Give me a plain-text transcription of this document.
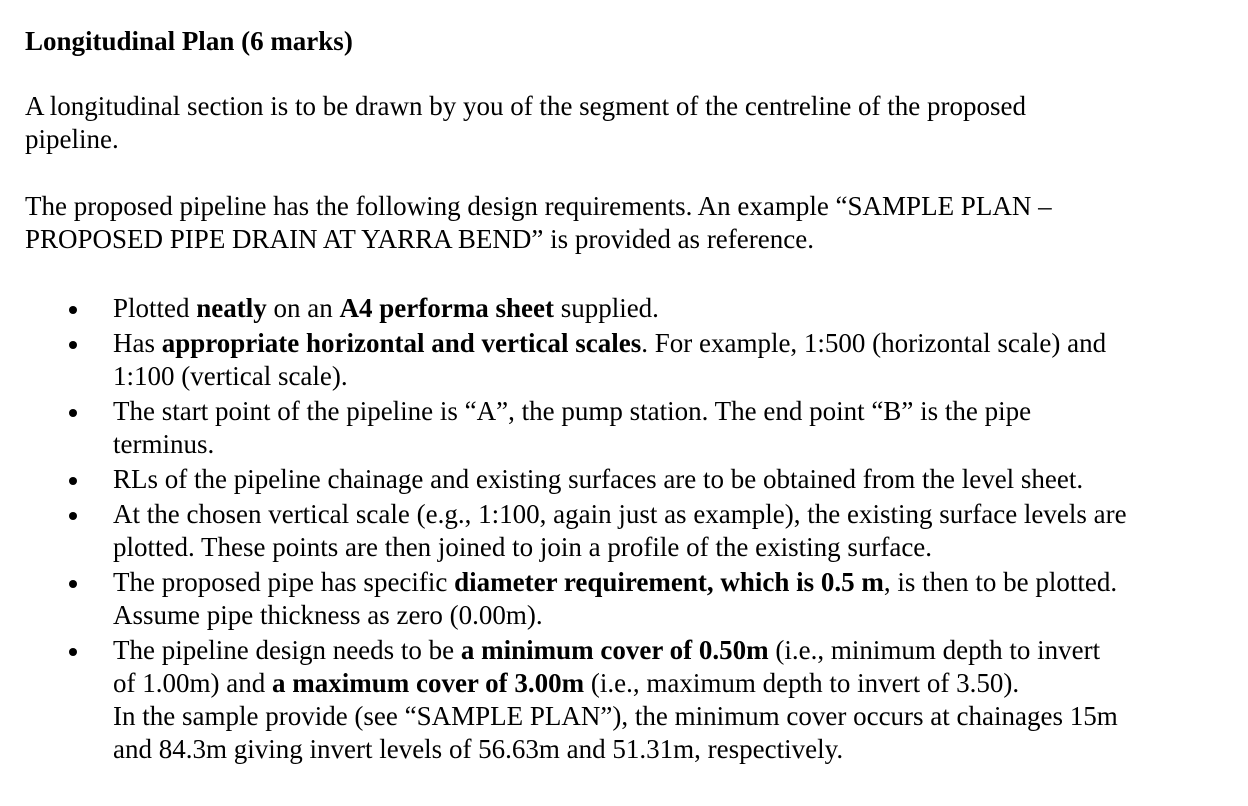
Longitudinal Plan (6 marks)

A longitudinal section is to be drawn by you of the segment of the centreline of the proposed
pipeline.

The proposed pipeline has the following design requirements. An example “SAMPLE PLAN –
PROPOSED PIPE DRAIN AT YARRA BEND” is provided as reference.

Plotted neatly on an A4 performa sheet supplied.
Has appropriate horizontal and vertical scales. For example, 1:500 (horizontal scale) and
1:100 (vertical scale).
The start point of the pipeline is “A”, the pump station. The end point “B” is the pipe
terminus.
RLs of the pipeline chainage and existing surfaces are to be obtained from the level sheet.
At the chosen vertical scale (e.g., 1:100, again just as example), the existing surface levels are
plotted. These points are then joined to join a profile of the existing surface.
The proposed pipe has specific diameter requirement, which is 0.5 m, is then to be plotted.
Assume pipe thickness as zero (0.00m).
The pipeline design needs to be a minimum cover of 0.50m (i.e., minimum depth to invert
of 1.00m) and a maximum cover of 3.00m (i.e., maximum depth to invert of 3.50).
In the sample provide (see “SAMPLE PLAN”), the minimum cover occurs at chainages 15m
and 84.3m giving invert levels of 56.63m and 51.31m, respectively.
